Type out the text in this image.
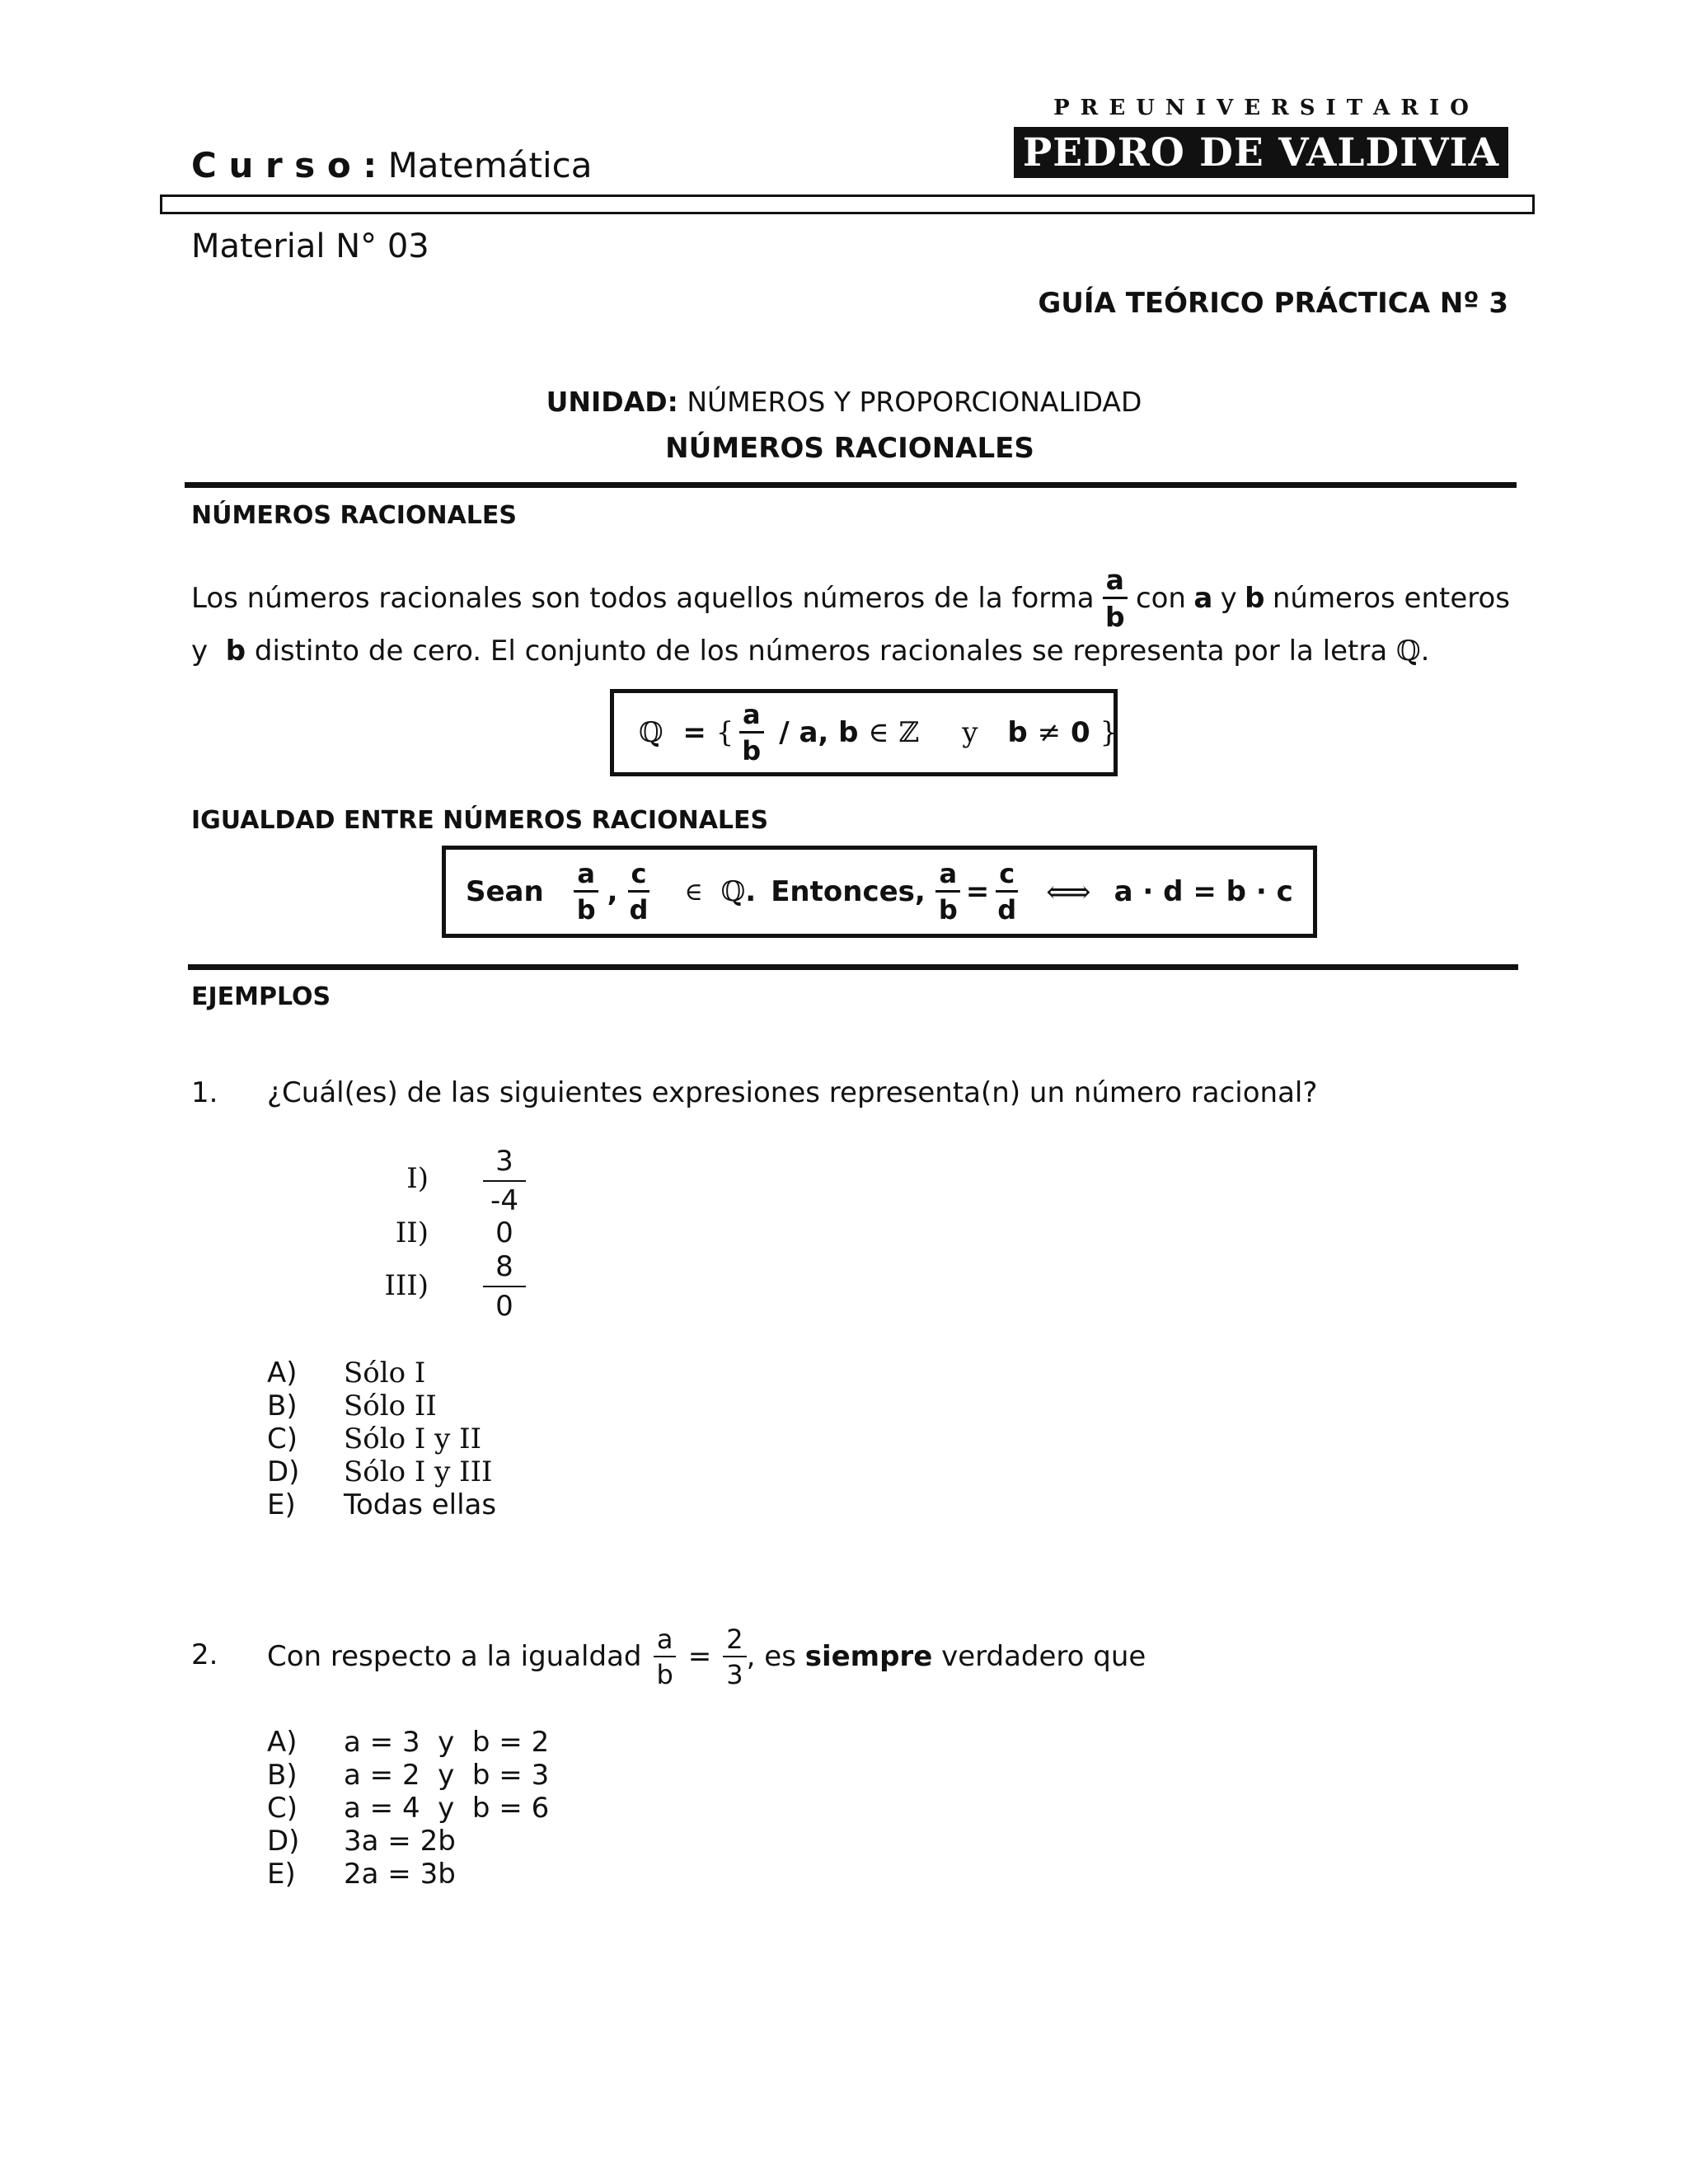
C u r s o : Matemática
P R E U N I V E R S I T A R I O
PEDRO DE VALDIVIA
Material N° 03
GUÍA TEÓRICO PRÁCTICA Nº 3
UNIDAD: NÚMEROS Y PROPORCIONALIDAD
NÚMEROS RACIONALES
NÚMEROS RACIONALES
Los números racionales son todos aquellos números de la forma $\frac{a}{b}$ con a y b números enteros
y b distinto de cero. El conjunto de los números racionales se representa por la letra ℚ.
ℚ
=
{ $\frac{a}{b}$ / a, b
∈
ℤ y b
≠
0
}
IGUALDAD ENTRE NÚMEROS RACIONALES
Sean $\frac{a}{b}$ , $\frac{c}{d}$ ∈ ℚ . Entonces, $\frac{a}{b} = \frac{c}{d}$ ⟺ a · d = b · c
EJEMPLOS
1. ¿Cuál(es) de las siguientes expresiones representa(n) un número racional?
$I) \frac{3}{-4}$
II)	0
$III) \frac{8}{0}$
A) Sólo I
B) Sólo II
C) Sólo I y II
D) Sólo I y III
E) Todas ellas
2. Con respecto a la igualdad $\frac{a}{b} = \frac{2}{3}$ , es
siempre
verdadero que
A) a = 3  y  b = 2
B) a = 2  y  b = 3
C) a = 4  y  b = 6
D) 3a = 2b
E) 2a = 3b
